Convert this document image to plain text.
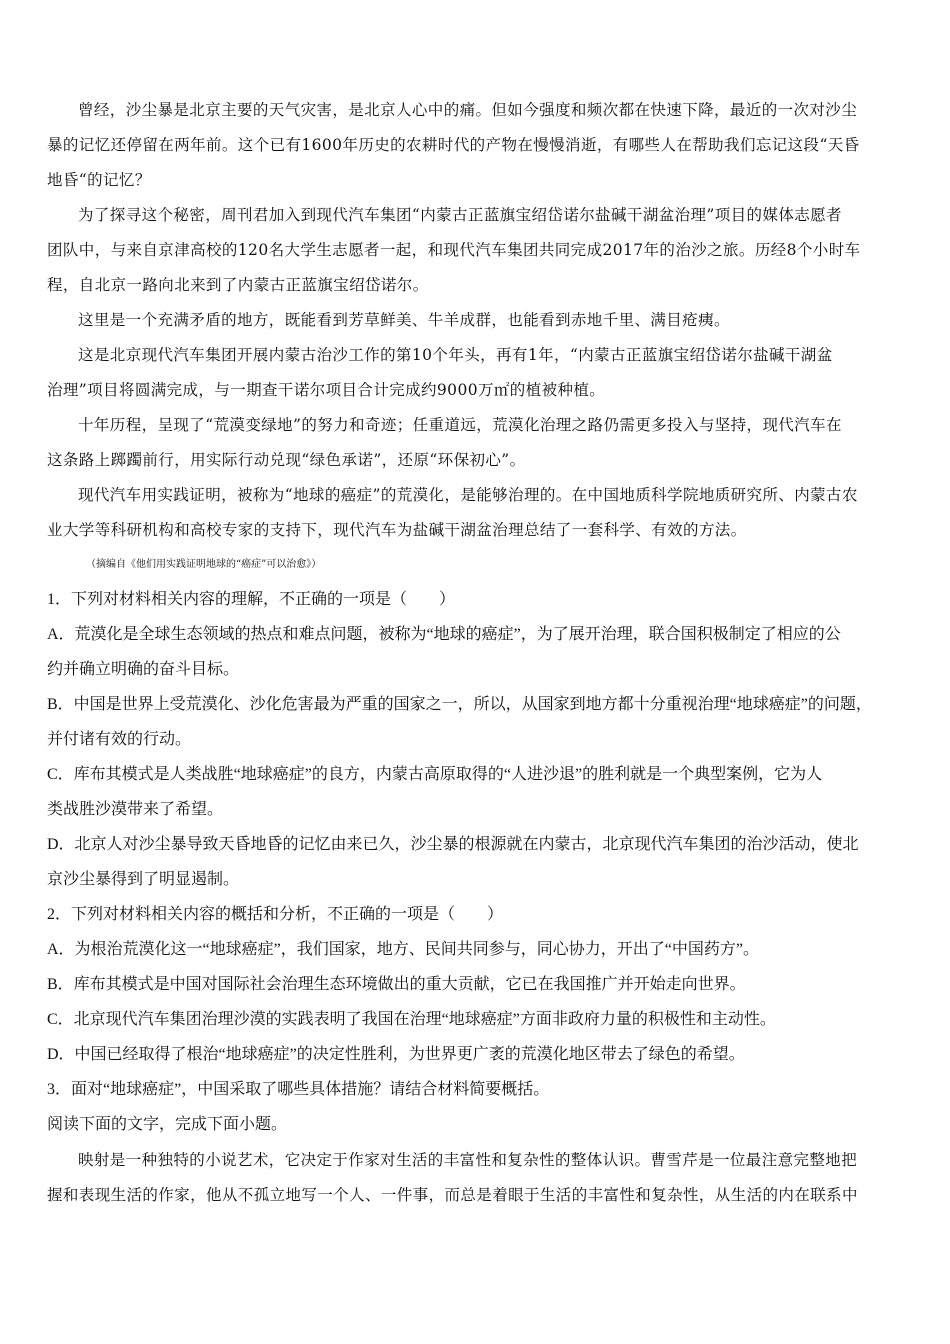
曾经，沙尘暴是北京主要的天气灾害，是北京人心中的痛。但如今强度和频次都在快速下降，最近的一次对沙尘
暴的记忆还停留在两年前。这个已有1600年历史的农耕时代的产物在慢慢消逝，有哪些人在帮助我们忘记这段“天昏
地昏“的记忆？
为了探寻这个秘密，周刊君加入到现代汽车集团“内蒙古正蓝旗宝绍岱诺尔盐碱干湖盆治理”项目的媒体志愿者
团队中，与来自京津高校的120名大学生志愿者一起，和现代汽车集团共同完成2017年的治沙之旅。历经8个小时车
程，自北京一路向北来到了内蒙古正蓝旗宝绍岱诺尔。
这里是一个充满矛盾的地方，既能看到芳草鲜美、牛羊成群，也能看到赤地千里、满目疮痍。
这是北京现代汽车集团开展内蒙古治沙工作的第10个年头，再有1年，“内蒙古正蓝旗宝绍岱诺尔盐碱干湖盆
治理”项目将圆满完成，与一期查干诺尔项目合计完成约9000万㎡的植被种植。
十年历程，呈现了“荒漠变绿地”的努力和奇迹；任重道远，荒漠化治理之路仍需更多投入与坚持，现代汽车在
这条路上踯躅前行，用实际行动兑现“绿色承诺”，还原“环保初心”。
现代汽车用实践证明，被称为“地球的癌症”的荒漠化，是能够治理的。在中国地质科学院地质研究所、内蒙古农
业大学等科研机构和高校专家的支持下，现代汽车为盐碱干湖盆治理总结了一套科学、有效的方法。
（摘编自《他们用实践证明地球的“癌症”可以治愈》）
1．下列对材料相关内容的理解，不正确的一项是（　　）
A．荒漠化是全球生态领域的热点和难点问题，被称为“地球的癌症”，为了展开治理，联合国积极制定了相应的公
约并确立明确的奋斗目标。
B．中国是世界上受荒漠化、沙化危害最为严重的国家之一，所以，从国家到地方都十分重视治理“地球癌症”的问题，
并付诸有效的行动。
C．库布其模式是人类战胜“地球癌症”的良方，内蒙古高原取得的“人进沙退”的胜利就是一个典型案例，它为人
类战胜沙漠带来了希望。
D．北京人对沙尘暴导致天昏地昏的记忆由来已久，沙尘暴的根源就在内蒙古，北京现代汽车集团的治沙活动，使北
京沙尘暴得到了明显遏制。
2．下列对材料相关内容的概括和分析，不正确的一项是（　　）
A．为根治荒漠化这一“地球癌症”，我们国家，地方、民间共同参与，同心协力，开出了“中国药方”。
B．库布其模式是中国对国际社会治理生态环境做出的重大贡献，它已在我国推广并开始走向世界。
C．北京现代汽车集团治理沙漠的实践表明了我国在治理“地球癌症”方面非政府力量的积极性和主动性。
D．中国已经取得了根治“地球癌症”的决定性胜利，为世界更广袤的荒漠化地区带去了绿色的希望。
3．面对“地球癌症”，中国采取了哪些具体措施？请结合材料简要概括。
阅读下面的文字，完成下面小题。
映射是一种独特的小说艺术，它决定于作家对生活的丰富性和复杂性的整体认识。曹雪芹是一位最注意完整地把
握和表现生活的作家，他从不孤立地写一个人、一件事，而总是着眼于生活的丰富性和复杂性，从生活的内在联系中
